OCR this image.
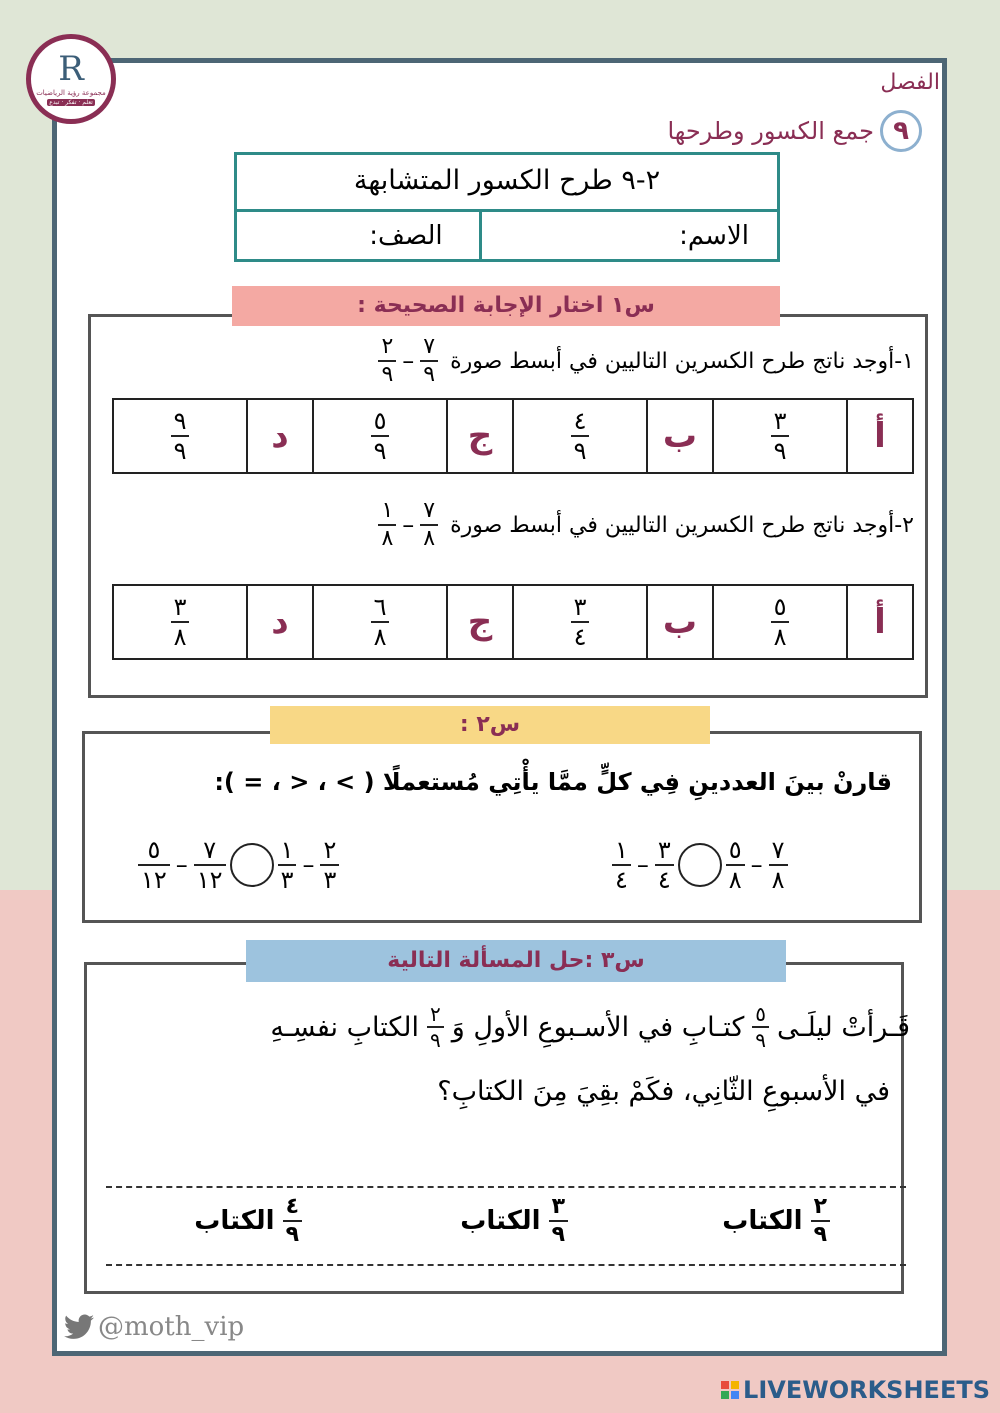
R
مجموعة رؤية الرياضيات
تعلم · تفكر · تبدع
الفصل
٩
جمع الكسور وطرحها
٢-٩ طرح الكسور المتشابهة
الاسم:
الصف:
س١ اختار الإجابة الصحيحة :
١-أوجد ناتج طرح الكسرين التاليين في أبسط صورة
$\frac{٧}{٩}$
–
$\frac{٢}{٩}$
أ
$\frac{٣}{٩}$
ب
$\frac{٤}{٩}$
ج
$\frac{٥}{٩}$
د
$\frac{٩}{٩}$
٢-أوجد ناتج طرح الكسرين التاليين في أبسط صورة
$\frac{٧}{٨}$
–
$\frac{١}{٨}$
أ
$\frac{٥}{٨}$
ب
$\frac{٣}{٤}$
ج
$\frac{٦}{٨}$
د
$\frac{٣}{٨}$
س٢ :
قارنْ بينَ العددينِ فِي كلٍّ ممَّا يأْتِي مُستعملًا ( > ، < ، = ):
$\frac{١}{٤} - \frac{٣}{٤} \frac{٥}{٨} - \frac{٧}{٨}$
$\frac{٥}{١٢} - \frac{٧}{١٢} \frac{١}{٣} - \frac{٢}{٣}$
س٣ :حل المسألة التالية
قَـرأتْ ليلَـى
$\frac{٥}{٩}$
كتـابِ في الأسـبوعِ الأولِ وَ
$\frac{٢}{٩}$
الكتابِ نفسِـهِ
في الأسبوعِ الثّانِي، فكَمْ بقِيَ مِنَ الكتابِ؟
$\frac{٢}{٩}$
الكتاب
$\frac{٣}{٩}$
الكتاب
$\frac{٤}{٩}$
الكتاب
@moth_vip
LIVEWORKSHEETS
